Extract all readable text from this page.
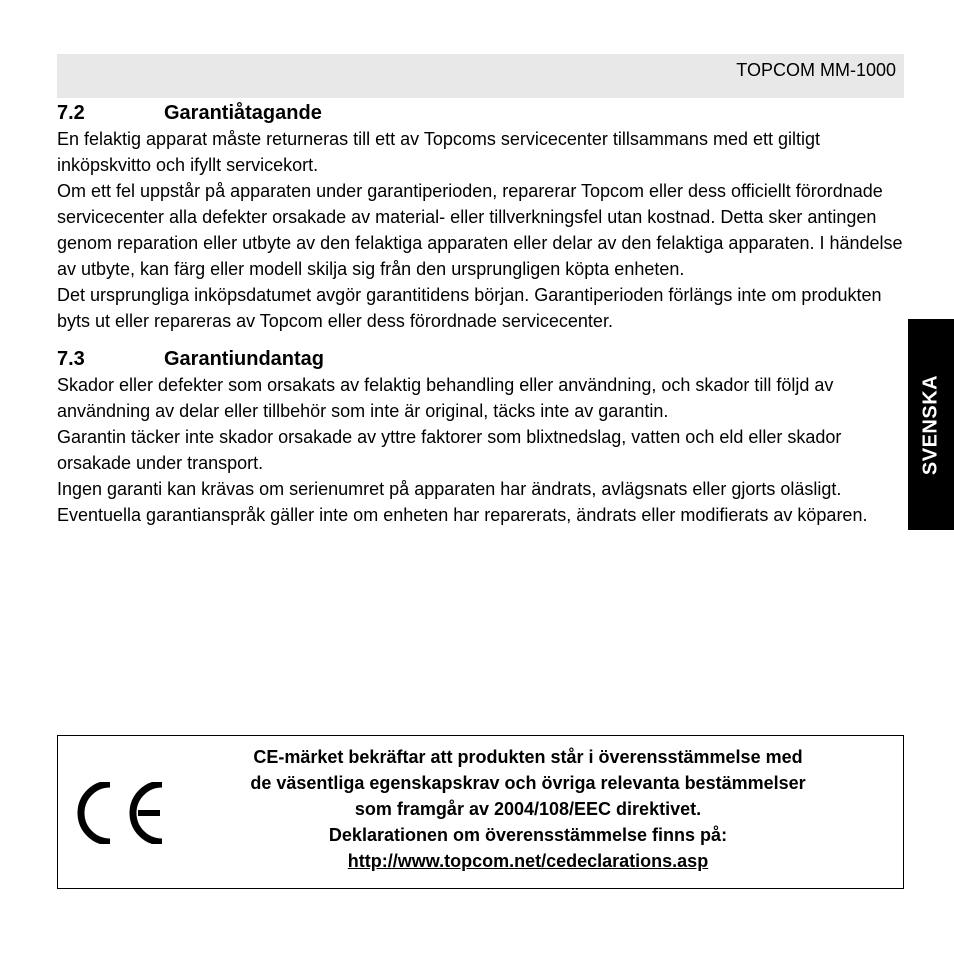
TOPCOM MM-1000
7.2	Garantiåtagande

En felaktig apparat måste returneras till ett av Topcoms servicecenter tillsammans med ett giltigt inköpskvitto och ifyllt servicekort.

Om ett fel uppstår på apparaten under garantiperioden, reparerar Topcom eller dess officiellt förordnade servicecenter alla defekter orsakade av material- eller tillverkningsfel utan kostnad. Detta sker antingen genom reparation eller utbyte av den felaktiga apparaten eller delar av den felaktiga apparaten. I händelse av utbyte, kan färg eller modell skilja sig från den ursprungligen köpta enheten.

Det ursprungliga inköpsdatumet avgör garantitidens början. Garantiperioden förlängs inte om produkten byts ut eller repareras av Topcom eller dess förordnade servicecenter.

7.3	Garantiundantag

Skador eller defekter som orsakats av felaktig behandling eller användning, och skador till följd av användning av delar eller tillbehör som inte är original, täcks inte av garantin.

Garantin täcker inte skador orsakade av yttre faktorer som blixtnedslag, vatten och eld eller skador orsakade under transport.

Ingen garanti kan krävas om serienumret på apparaten har ändrats, avlägsnats eller gjorts oläsligt.

Eventuella garantianspråk gäller inte om enheten har reparerats, ändrats eller modifierats av köparen.

SVENSKA
CE-märket bekräftar att produkten står i överensstämmelse med
de väsentliga egenskapskrav och övriga relevanta bestämmelser
som framgår av 2004/108/EEC direktivet.
Deklarationen om överensstämmelse finns på:
http://www.topcom.net/cedeclarations.asp
